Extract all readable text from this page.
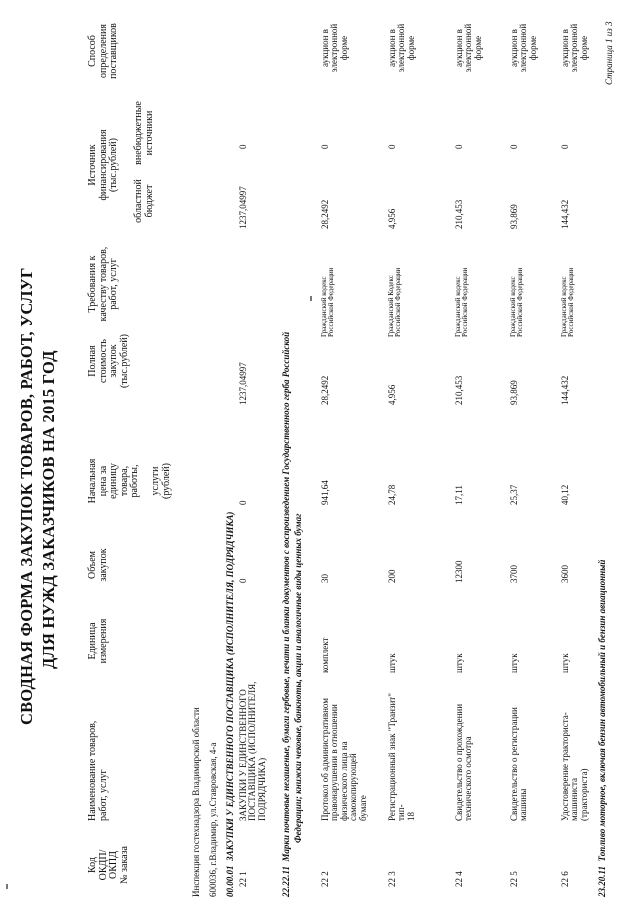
СВОДНАЯ ФОРМА ЗАКУПОК ТОВАРОВ, РАБОТ, УСЛУГ ДЛЯ НУЖД ЗАКАЗЧИКОВ НА 2015 ГОД
Код ОКДП/ ОКПД № заказа
Наименование товаров, работ, услуг
Единица измерения
Объем закупок
Начальная цена за единицу товара, работы,
услуги (рублей)
Полная стоимость закупок (тыс.рублей)
Требования к качеству товаров, работ, услуг
Источник финансирования (тыс.рублей)
областной бюджет
внебюджетные источники
Способ определения поставщиков
Инспекция гостехнадзора Владимирской области 600036, г.Владимир, ул.Ставровская, 4-а 00.00.01  ЗАКУПКИ У ЕДИНСТВЕННОГО ПОСТАВЩИКА (ИСПОЛНИТЕЛЯ, ПОДРЯДЧИКА)
22 1
ЗАКУПКИ У ЕДИНСТВЕННОГО ПОСТАВЩИКА (ИСПОЛНИТЕЛЯ, ПОДРЯДЧИКА)
0
0
1237,04997
1237,04997
0
22.22.11  Марки почтовые негашеные, бумаги гербовые, печати и бланки документов с воспроизведением Государственного герба Российской Федерации; книжки чековые, банкноты, акции и аналогичные виды ценных бумаг
22 2
Протокол об административном правонарушении в отношении физического лица на самокопирующей бумаге
комплект
30
941,64
28,2492
Гражданский кодекс Российской Федерации
28,2492
0
аукцион в электронной форме
22 3
Регистрационный знак "Транзит" тип- 18
штук
200
24,78
4,956
Гражданский Кодекс Российской Федерации
4,956
0
аукцион в электронной форме
22 4
Свидетельство о прохождении технического осмотра
штук
12300
17,11
210,453
Гражданский кодекс Российской Федерации
210,453
0
аукцион в электронной форме
22 5
Свидетельство о регистрации машины
штук
3700
25,37
93,869
Гражданский кодекс Российской Федерации
93,869
0
аукцион в электронной форме
22 6
Удостоверение тракториста-машиниста (тракториста)
штук
3600
40,12
144,432
Гражданский кодекс Российской Федерации
144,432
0
аукцион в электронной форме
23.20.11  Топливо моторное, включая бензин автомобильный и бензин авиационный
Страница 1 из 3
